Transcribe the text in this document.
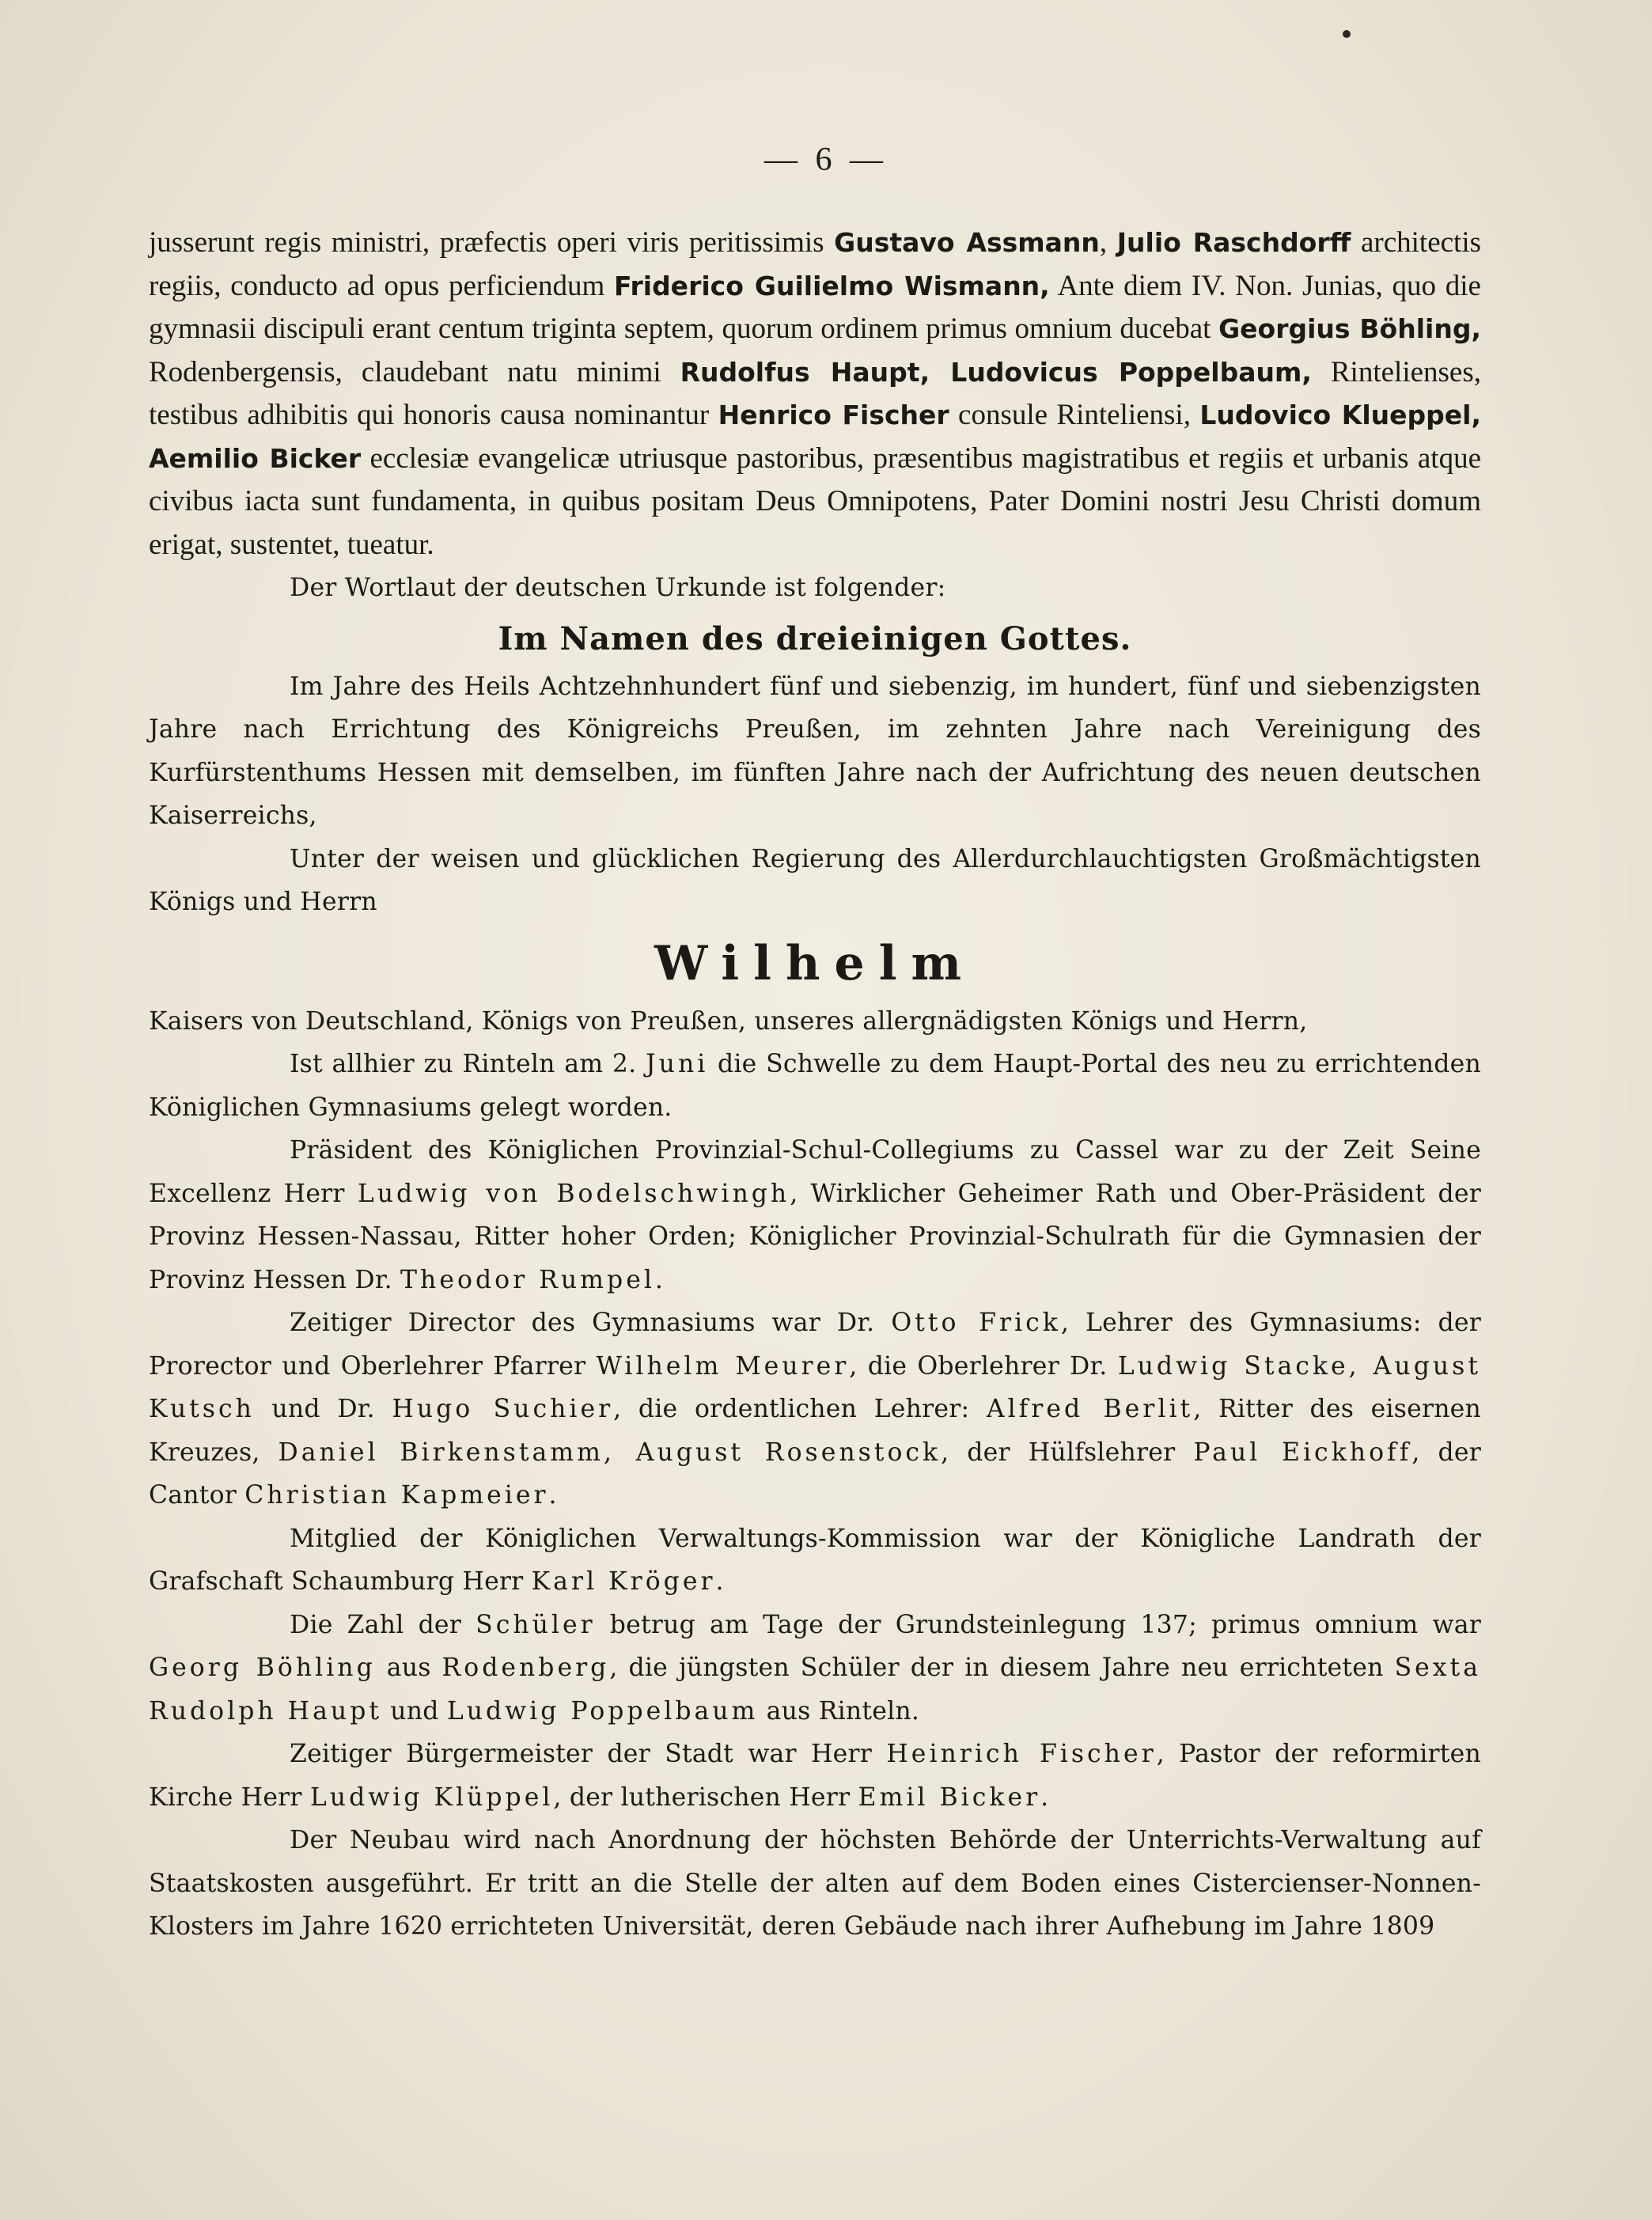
— 6 —

jusserunt regis ministri, præfectis operi viris peritissimis Gustavo Assmann, Julio Raschdorff architectis regiis, conducto ad opus perficiendum Friderico Guilielmo Wismann, Ante diem IV. Non. Junias, quo die gymnasii discipuli erant centum triginta septem, quorum ordinem primus omnium ducebat Georgius Böhling, Rodenbergensis, claudebant natu minimi Rudolfus Haupt, Ludovicus Poppelbaum, Rintelienses, testibus adhibitis qui honoris causa nominantur Henrico Fischer consule Rinteliensi, Ludovico Klueppel, Aemilio Bicker ecclesiæ evangelicæ utriusque pastoribus, præsentibus magistratibus et regiis et urbanis atque civibus iacta sunt fundamenta, in quibus positam Deus Omnipotens, Pater Domini nostri Jesu Christi domum erigat, sustentet, tueatur.

Der Wortlaut der deutschen Urkunde ist folgender:

Im Namen des dreieinigen Gottes.

Im Jahre des Heils Achtzehnhundert fünf und siebenzig, im hundert, fünf und siebenzigsten Jahre nach Errichtung des Königreichs Preußen, im zehnten Jahre nach Vereinigung des Kurfürstenthums Hessen mit demselben, im fünften Jahre nach der Aufrichtung des neuen deutschen Kaiserreichs,

Unter der weisen und glücklichen Regierung des Allerdurchlauchtigsten Großmächtigsten Königs und Herrn

Wilhelm

Kaisers von Deutschland, Königs von Preußen, unseres allergnädigsten Königs und Herrn,

Ist allhier zu Rinteln am 2. Juni die Schwelle zu dem Haupt-Portal des neu zu errichtenden Königlichen Gymnasiums gelegt worden.

Präsident des Königlichen Provinzial-Schul-Collegiums zu Cassel war zu der Zeit Seine Excellenz Herr Ludwig von Bodelschwingh, Wirklicher Geheimer Rath und Ober-Präsident der Provinz Hessen-Nassau, Ritter hoher Orden; Königlicher Provinzial-Schulrath für die Gymnasien der Provinz Hessen Dr. Theodor Rumpel.

Zeitiger Director des Gymnasiums war Dr. Otto Frick, Lehrer des Gymnasiums: der Prorector und Oberlehrer Pfarrer Wilhelm Meurer, die Oberlehrer Dr. Ludwig Stacke, August Kutsch und Dr. Hugo Suchier, die ordentlichen Lehrer: Alfred Berlit, Ritter des eisernen Kreuzes, Daniel Birkenstamm, August Rosenstock, der Hülfslehrer Paul Eickhoff, der Cantor Christian Kapmeier.

Mitglied der Königlichen Verwaltungs-Kommission war der Königliche Landrath der Grafschaft Schaumburg Herr Karl Kröger.

Die Zahl der Schüler betrug am Tage der Grundsteinlegung 137; primus omnium war Georg Böhling aus Rodenberg, die jüngsten Schüler der in diesem Jahre neu errichteten Sexta Rudolph Haupt und Ludwig Poppelbaum aus Rinteln.

Zeitiger Bürgermeister der Stadt war Herr Heinrich Fischer, Pastor der reformirten Kirche Herr Ludwig Klüppel, der lutherischen Herr Emil Bicker.

Der Neubau wird nach Anordnung der höchsten Behörde der Unterrichts-Verwaltung auf Staatskosten ausgeführt. Er tritt an die Stelle der alten auf dem Boden eines Cistercienser-Nonnen-Klosters im Jahre 1620 errichteten Universität, deren Gebäude nach ihrer Aufhebung im Jahre 1809
